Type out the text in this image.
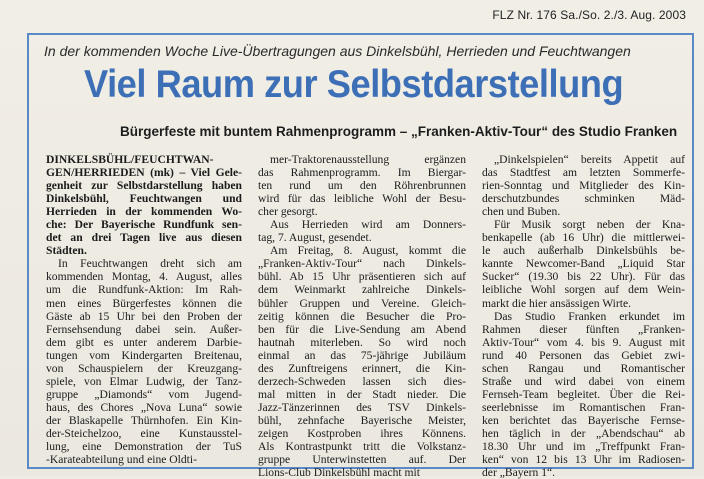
FLZ Nr. 176 Sa./So. 2./3. Aug. 2003
In der kommenden Woche Live-Übertragungen aus Dinkelsbühl, Herrieden und Feuchtwangen
Viel Raum zur Selbstdarstellung
Bürgerfeste mit buntem Rahmenprogramm – „Franken-Aktiv-Tour“ des Studio Franken

DINKELSBÜHL/FEUCHTWAN-
GEN/HERRIEDEN (mk) – Viel Gele-
genheit zur Selbstdarstellung haben
Dinkelsbühl, Feuchtwangen und
Herrieden in der kommenden Wo-
che: Der Bayerische Rundfunk sen-
det an drei Tagen live aus diesen
Städten.

In Feuchtwangen dreht sich am
kommenden Montag, 4. August, alles
um die Rundfunk-Aktion: Im Rah-
men eines Bürgerfestes können die
Gäste ab 15 Uhr bei den Proben der
Fernsehsendung dabei sein. Außer-
dem gibt es unter anderem Darbie-
tungen vom Kindergarten Breitenau,
von Schauspielern der Kreuzgang-
spiele, von Elmar Ludwig, der Tanz-
gruppe „Diamonds“ vom Jugend-
haus, des Chores „Nova Luna“ sowie
der Blaskapelle Thürnhofen. Ein Kin-
der-Steichelzoo, eine Kunstausstel-
lung, eine Demonstration der TuS
-Karateabteilung und eine Oldti-

mer-Traktorenausstellung ergänzen
das Rahmenprogramm. Im Biergar-
ten rund um den Röhrenbrunnen
wird für das leibliche Wohl der Besu-
cher gesorgt.

Aus Herrieden wird am Donners-
tag, 7. August, gesendet.

Am Freitag, 8. August, kommt die
„Franken-Aktiv-Tour“ nach Dinkels-
bühl. Ab 15 Uhr präsentieren sich auf
dem Weinmarkt zahlreiche Dinkels-
bühler Gruppen und Vereine. Gleich-
zeitig können die Besucher die Pro-
ben für die Live-Sendung am Abend
hautnah miterleben. So wird noch
einmal an das 75-jährige Jubiläum
des Zunftreigens erinnert, die Kin-
derzech-Schweden lassen sich dies-
mal mitten in der Stadt nieder. Die
Jazz-Tänzerinnen des TSV Dinkels-
bühl, zehnfache Bayerische Meister,
zeigen Kostproben ihres Könnens.
Als Kontrastpunkt tritt die Volkstanz-
gruppe Unterwinstetten auf. Der
Lions-Club Dinkelsbühl macht mit

„Dinkelspielen“ bereits Appetit auf
das Stadtfest am letzten Sommerfe-
rien-Sonntag und Mitglieder des Kin-
derschutzbundes schminken Mäd-
chen und Buben.

Für Musik sorgt neben der Kna-
benkapelle (ab 16 Uhr) die mittlerwei-
le auch außerhalb Dinkelsbühls be-
kannte Newcomer-Band „Liquid Star
Sucker“ (19.30 bis 22 Uhr). Für das
leibliche Wohl sorgen auf dem Wein-
markt die hier ansässigen Wirte.

Das Studio Franken erkundet im
Rahmen dieser fünften „Franken-
Aktiv-Tour“ vom 4. bis 9. August mit
rund 40 Personen das Gebiet zwi-
schen Rangau und Romantischer
Straße und wird dabei von einem
Fernseh-Team begleitet. Über die Rei-
seerlebnisse im Romantischen Fran-
ken berichtet das Bayerische Fernse-
hen täglich in der „Abendschau“ ab
18.30 Uhr und im „Treffpunkt Fran-
ken“ von 12 bis 13 Uhr im Radiosen-
der „Bayern 1“.
